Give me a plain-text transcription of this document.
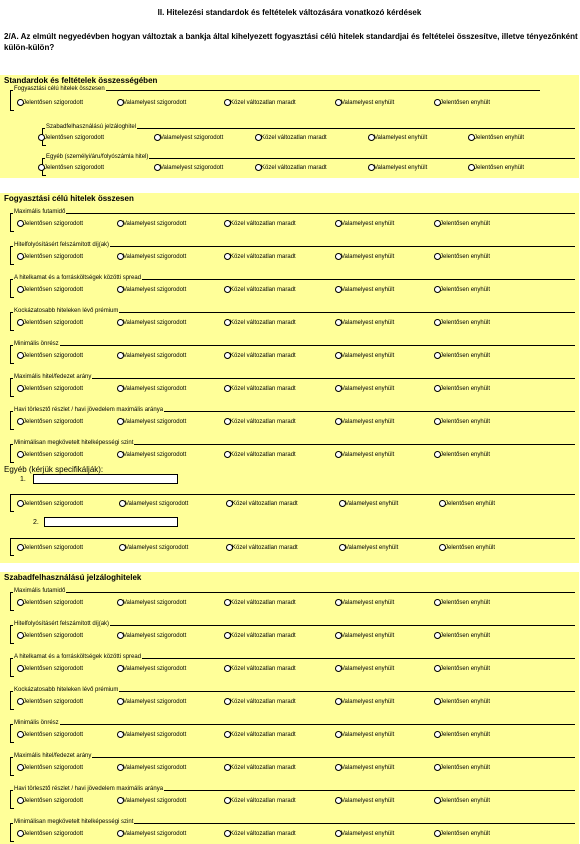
II. Hitelezési standardok és feltételek változására vonatkozó kérdések
2/A. Az elmúlt negyedévben hogyan változtak a bankja által kihelyezett fogyasztási célú hitelek standardjai és feltételei összesítve, illetve tényezőnként külön-külön?
Standardok és feltételek összességében
Fogyasztási célú hitelek összesen
Szabadfelhasználású jelzáloghitelek
Egyéb (kérjük specifikálják):
1.
2.
Fogyasztási célú hitelek összesen
Jelentősen szigorodott	Valamelyest szigorodott	Közel változatlan maradt	Valamelyest enyhült	Jelentősen enyhült
Szabadfelhasználású jelzáloghitel
Jelentősen szigorodott	Valamelyest szigorodott	Közel változatlan maradt	Valamelyest enyhült	Jelentősen enyhült
Egyéb (személyi/áru/folyószámla hitel)
Jelentősen szigorodott	Valamelyest szigorodott	Közel változatlan maradt	Valamelyest enyhült	Jelentősen enyhült
Maximális futamidő
Jelentősen szigorodott	Valamelyest szigorodott	Közel változatlan maradt	Valamelyest enyhült	Jelentősen enyhült
Hitelfolyósításért felszámított díj(ak)
Jelentősen szigorodott	Valamelyest szigorodott	Közel változatlan maradt	Valamelyest enyhült	Jelentősen enyhült
A hitelkamat és a forrásköltségek közötti spread
Jelentősen szigorodott	Valamelyest szigorodott	Közel változatlan maradt	Valamelyest enyhült	Jelentősen enyhült
Kockázatosabb hiteleken lévő prémium
Jelentősen szigorodott	Valamelyest szigorodott	Közel változatlan maradt	Valamelyest enyhült	Jelentősen enyhült
Minimális önrész
Jelentősen szigorodott	Valamelyest szigorodott	Közel változatlan maradt	Valamelyest enyhült	Jelentősen enyhült
Maximális hitel/fedezet arány
Jelentősen szigorodott	Valamelyest szigorodott	Közel változatlan maradt	Valamelyest enyhült	Jelentősen enyhült
Havi törlesztő részlet / havi jövedelem maximális aránya
Jelentősen szigorodott	Valamelyest szigorodott	Közel változatlan maradt	Valamelyest enyhült	Jelentősen enyhült
Minimálisan megkövetelt hitelképességi szint
Jelentősen szigorodott	Valamelyest szigorodott	Közel változatlan maradt	Valamelyest enyhült	Jelentősen enyhült
Jelentősen szigorodott	Valamelyest szigorodott	Közel változatlan maradt	Valamelyest enyhült	Jelentősen enyhült
Jelentősen szigorodott	Valamelyest szigorodott	Közel változatlan maradt	Valamelyest enyhült	Jelentősen enyhült
Maximális futamidő
Jelentősen szigorodott	Valamelyest szigorodott	Közel változatlan maradt	Valamelyest enyhült	Jelentősen enyhült
Hitelfolyósításért felszámított díj(ak)
Jelentősen szigorodott	Valamelyest szigorodott	Közel változatlan maradt	Valamelyest enyhült	Jelentősen enyhült
A hitelkamat és a forrásköltségek közötti spread
Jelentősen szigorodott	Valamelyest szigorodott	Közel változatlan maradt	Valamelyest enyhült	Jelentősen enyhült
Kockázatosabb hiteleken lévő prémium
Jelentősen szigorodott	Valamelyest szigorodott	Közel változatlan maradt	Valamelyest enyhült	Jelentősen enyhült
Minimális önrész
Jelentősen szigorodott	Valamelyest szigorodott	Közel változatlan maradt	Valamelyest enyhült	Jelentősen enyhült
Maximális hitel/fedezet arány
Jelentősen szigorodott	Valamelyest szigorodott	Közel változatlan maradt	Valamelyest enyhült	Jelentősen enyhült
Havi törlesztő részlet / havi jövedelem maximális aránya
Jelentősen szigorodott	Valamelyest szigorodott	Közel változatlan maradt	Valamelyest enyhült	Jelentősen enyhült
Minimálisan megkövetelt hitelképességi szint
Jelentősen szigorodott	Valamelyest szigorodott	Közel változatlan maradt	Valamelyest enyhült	Jelentősen enyhült
